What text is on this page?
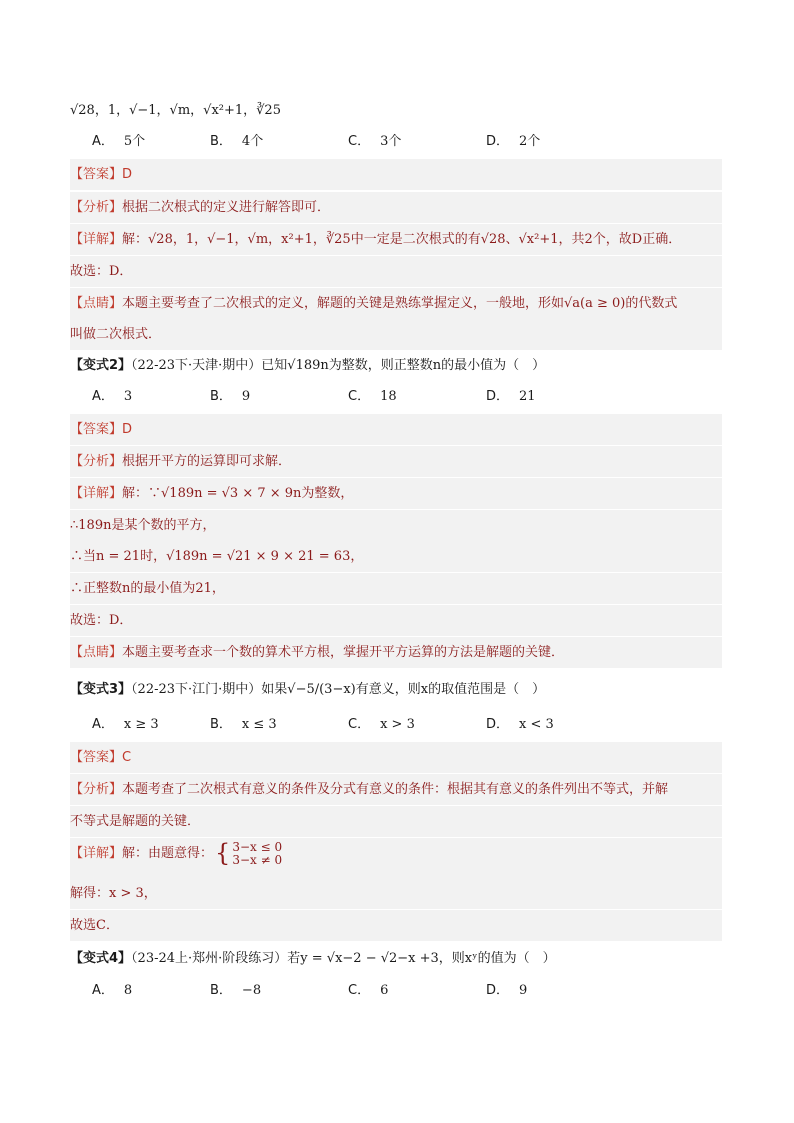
√28，1，√−1，√m，√x²+1，∛25
A． 5个	B． 4个	C． 3个	D． 2个
【答案】D
【分析】根据二次根式的定义进行解答即可．
【详解】解：√28，1，√−1，√m，x²+1，∛25中一定是二次根式的有√28、√x²+1，共2个，故D正确．
故选：D．
【点睛】本题主要考查了二次根式的定义，解题的关键是熟练掌握定义，一般地，形如√a(a ≥ 0)的代数式
叫做二次根式．
【变式2】（22-23下·天津·期中）已知√189n为整数，则正整数n的最小值为（　）
A． 3	B． 9	C． 18	D． 21
【答案】D
【分析】根据开平方的运算即可求解．
【详解】解：∵√189n = √3 × 7 × 9n为整数，
∴189n是某个数的平方，
∴当n = 21时，√189n = √21 × 9 × 21 = 63，
∴正整数n的最小值为21，
故选：D．
【点睛】本题主要考查求一个数的算术平方根，掌握开平方运算的方法是解题的关键．
【变式3】（22-23下·江门·期中）如果√−5/(3−x)有意义，则x的取值范围是（　）
A． x ≥ 3	B． x ≤ 3	C． x > 3	D． x < 3
【答案】C
【分析】本题考查了二次根式有意义的条件及分式有意义的条件：根据其有意义的条件列出不等式，并解
不等式是解题的关键．
【详解】解：由题意得： { 3−x ≤ 0
3−x ≠ 0
解得：x > 3，
故选C．
【变式4】（23-24上·郑州·阶段练习）若y = √x−2 − √2−x +3，则xʸ的值为（　）
A． 8	B． −8	C． 6	D． 9
